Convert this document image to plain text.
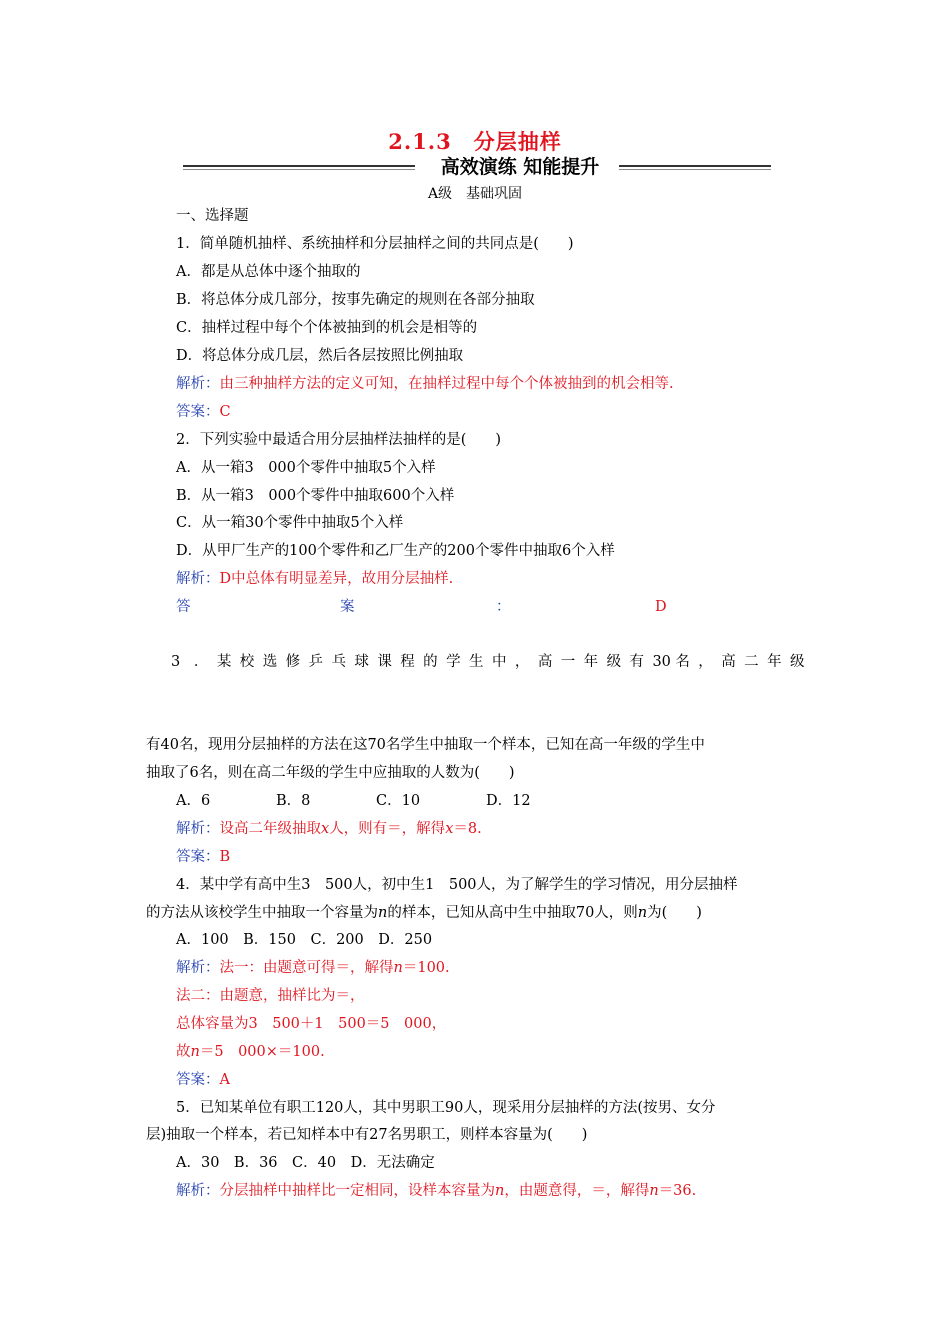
2.1.3　分层抽样
高效演练 知能提升
A级　基础巩固
一、选择题
1．简单随机抽样、系统抽样和分层抽样之间的共同点是(　　)
A．都是从总体中逐个抽取的
B．将总体分成几部分，按事先确定的规则在各部分抽取
C．抽样过程中每个个体被抽到的机会是相等的
D．将总体分成几层，然后各层按照比例抽取
解析：由三种抽样方法的定义可知，在抽样过程中每个个体被抽到的机会相等.
答案：C
2．下列实验中最适合用分层抽样法抽样的是(　　)
A．从一箱3　000个零件中抽取5个入样
B．从一箱3　000个零件中抽取600个入样
C．从一箱30个零件中抽取5个入样
D．从甲厂生产的100个零件和乙厂生产的200个零件中抽取6个入样
解析：D中总体有明显差异，故用分层抽样.
答	案	：	D
3 ． 某 校 选 修 乒 乓 球 课 程 的 学 生 中 ， 高 一 年 级 有 30 名 ， 高 二 年 级
有40名，现用分层抽样的方法在这70名学生中抽取一个样本，已知在高一年级的学生中
抽取了6名，则在高二年级的学生中应抽取的人数为(　　)
A．6	B．8	C．10	D．12
解析：设高二年级抽取x人，则有＝，解得x＝8.
答案：B
4．某中学有高中生3　500人，初中生1　500人，为了解学生的学习情况，用分层抽样
的方法从该校学生中抽取一个容量为n的样本，已知从高中生中抽取70人，则n为(　　)
A．100　B．150　C．200　D．250
解析：法一：由题意可得＝，解得n＝100.
法二：由题意，抽样比为＝，
总体容量为3　500＋1　500＝5　000，
故n＝5　000×＝100.
答案：A
5．已知某单位有职工120人，其中男职工90人，现采用分层抽样的方法(按男、女分
层)抽取一个样本，若已知样本中有27名男职工，则样本容量为(　　)
A．30　B．36　C．40　D．无法确定
解析：分层抽样中抽样比一定相同，设样本容量为n，由题意得，＝，解得n＝36.
